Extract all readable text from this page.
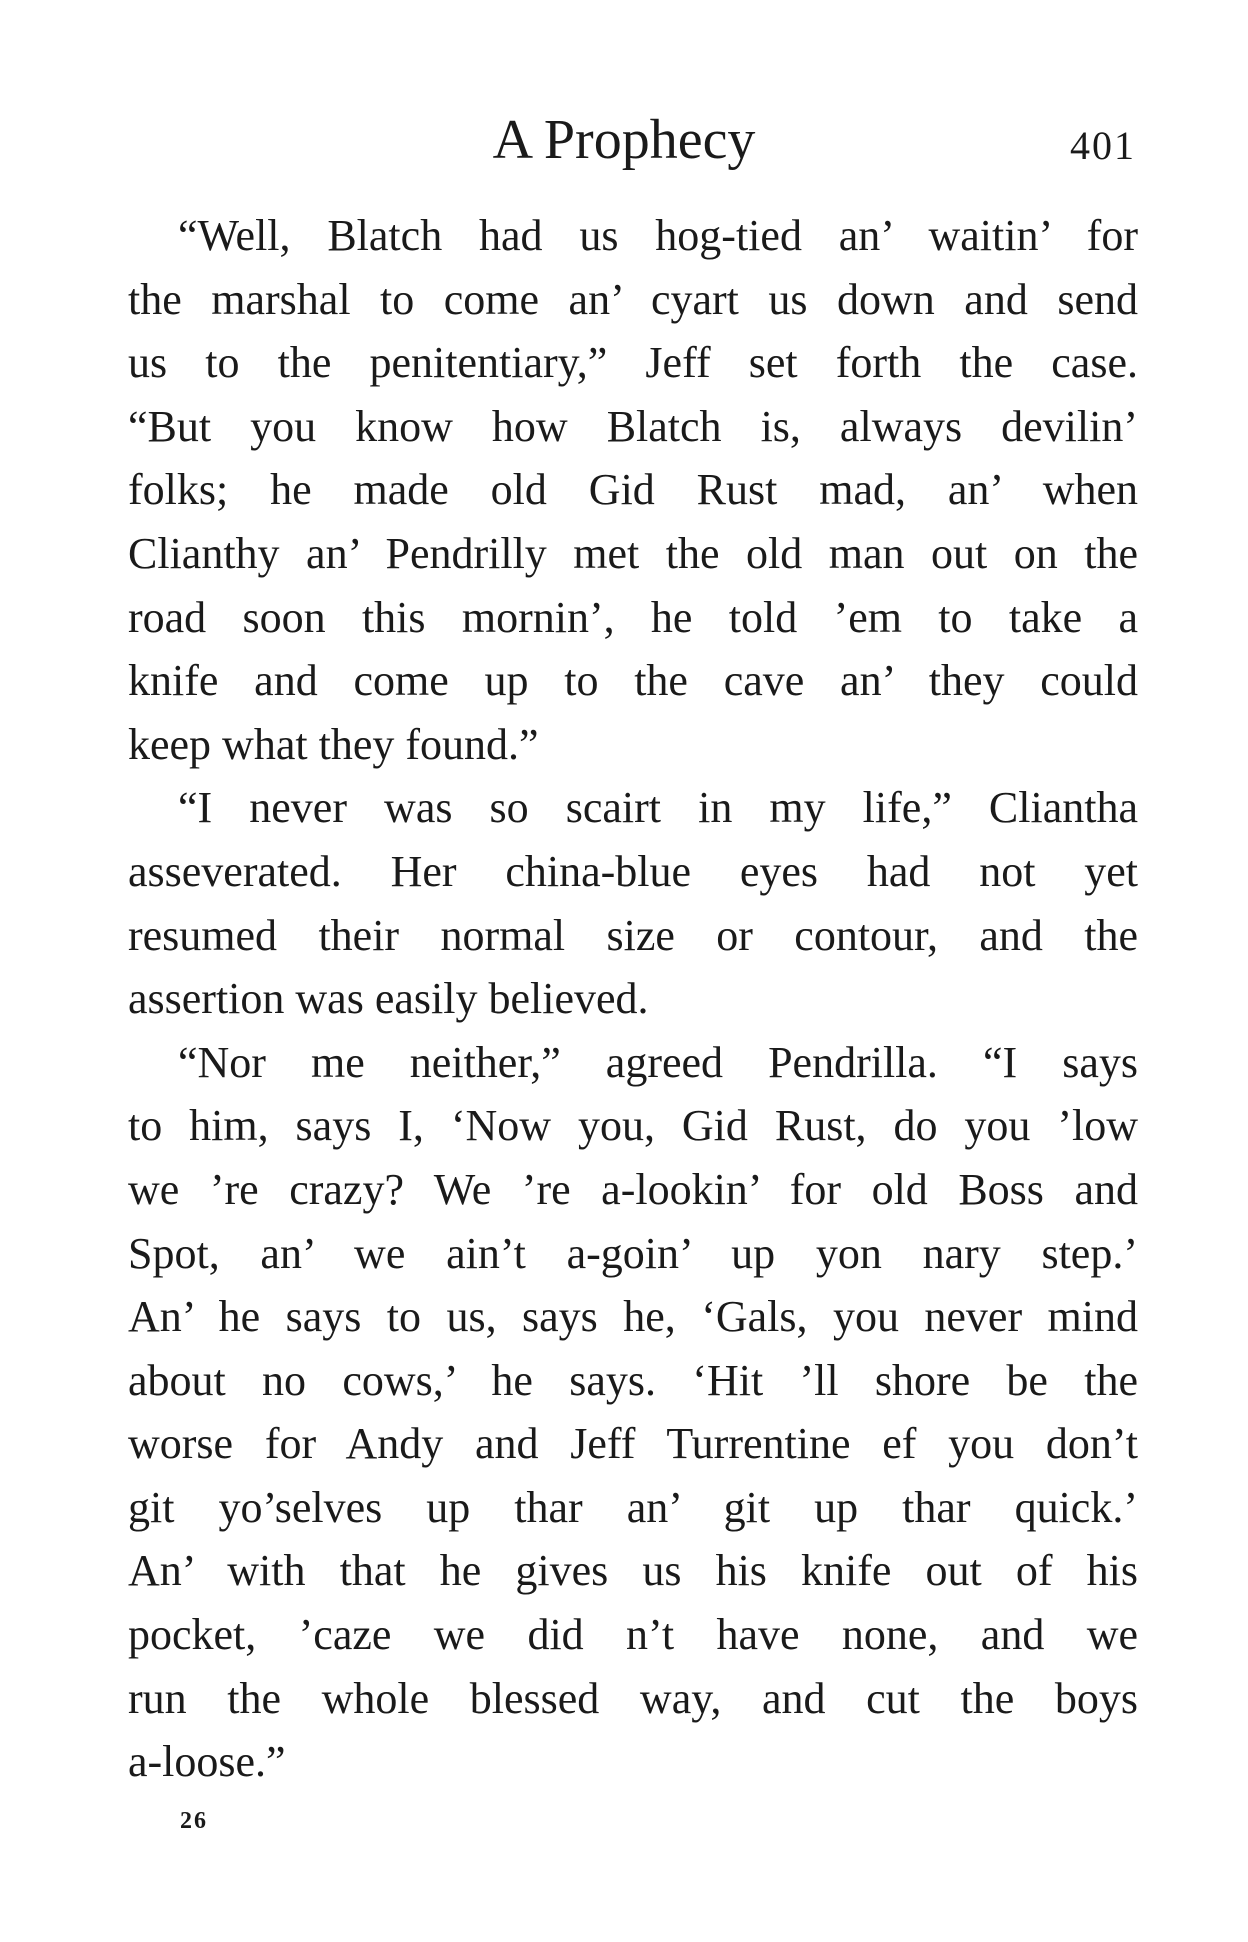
A Prophecy	401
“Well, Blatch had us hog-tied an’ waitin’ for
the marshal to come an’ cyart us down and send
us to the penitentiary,” Jeff set forth the case.
“But you know how Blatch is, always devilin’
folks; he made old Gid Rust mad, an’ when
Clianthy an’ Pendrilly met the old man out on the
road soon this mornin’, he told ’em to take a
knife and come up to the cave an’ they could
keep what they found.”
“I never was so scairt in my life,” Cliantha
asseverated. Her china-blue eyes had not yet
resumed their normal size or contour, and the
assertion was easily believed.
“Nor me neither,” agreed Pendrilla. “I says
to him, says I, ‘Now you, Gid Rust, do you ’low
we ’re crazy? We ’re a-lookin’ for old Boss and
Spot, an’ we ain’t a-goin’ up yon nary step.’
An’ he says to us, says he, ‘Gals, you never mind
about no cows,’ he says. ‘Hit ’ll shore be the
worse for Andy and Jeff Turrentine ef you don’t
git yo’selves up thar an’ git up thar quick.’
An’ with that he gives us his knife out of his
pocket, ’caze we did n’t have none, and we
run the whole blessed way, and cut the boys
a-loose.”
26
